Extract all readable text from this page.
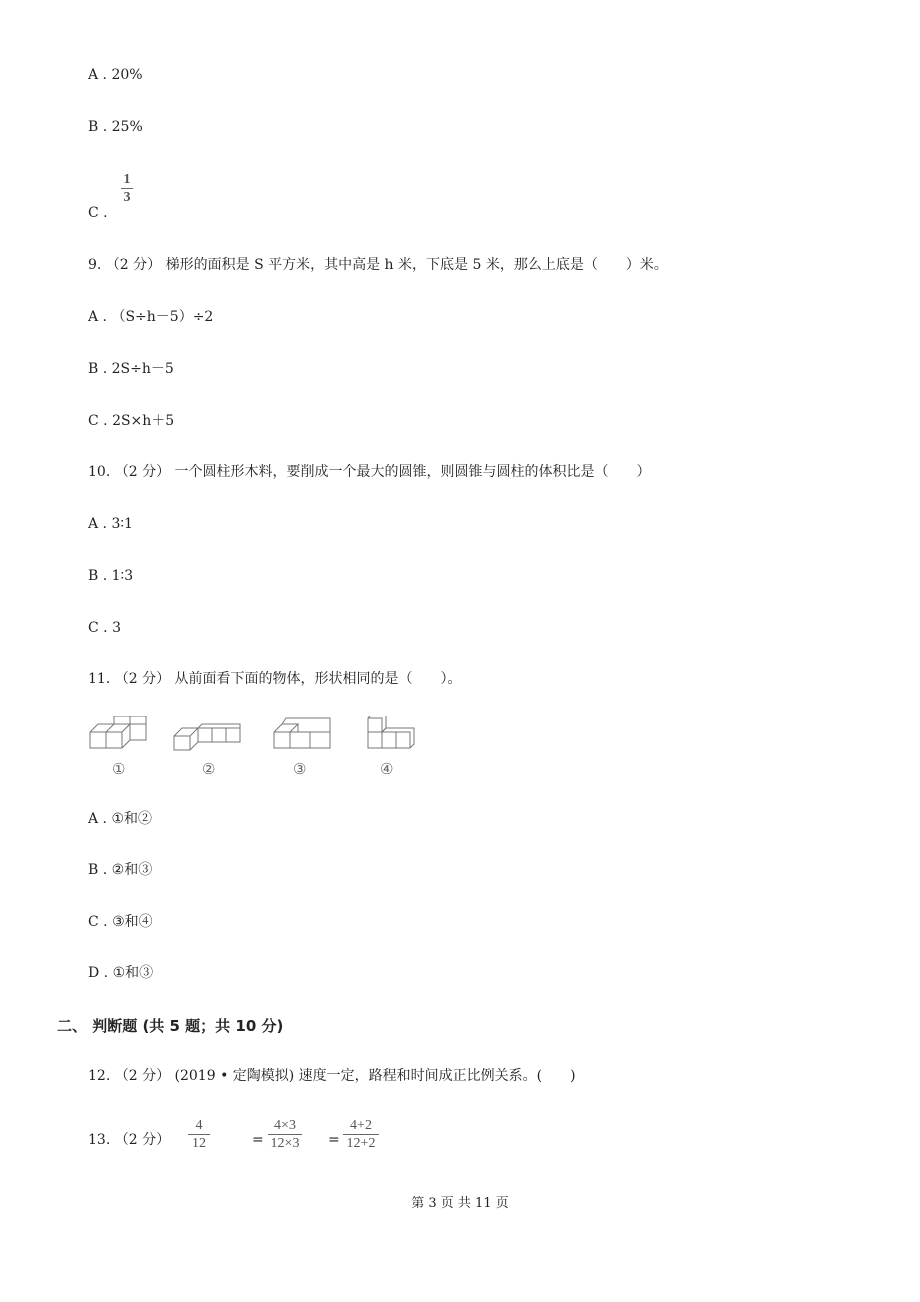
A . 20%
B . 25%
C .
1
3
9. （2 分） 梯形的面积是 S 平方米，其中高是 h 米，下底是 5 米，那么上底是（　　）米。
A . （S÷h－5）÷2
B . 2S÷h－5
C . 2S×h＋5
10. （2 分） 一个圆柱形木料，要削成一个最大的圆锥，则圆锥与圆柱的体积比是（　　）
A . 3∶1
B . 1∶3
C . 3
11. （2 分） 从前面看下面的物体，形状相同的是（　　）。
①	②	③	④
A . ①和②
B . ②和③
C . ③和④
D . ①和③
二、 判断题 (共 5 题；共 10 分)
12. （2 分） (2019 • 定陶模拟) 速度一定，路程和时间成正比例关系。(　　)
13. （2 分）
4
12	=
4×3
12×3 =
4+2
12+2
第 3 页 共 11 页
